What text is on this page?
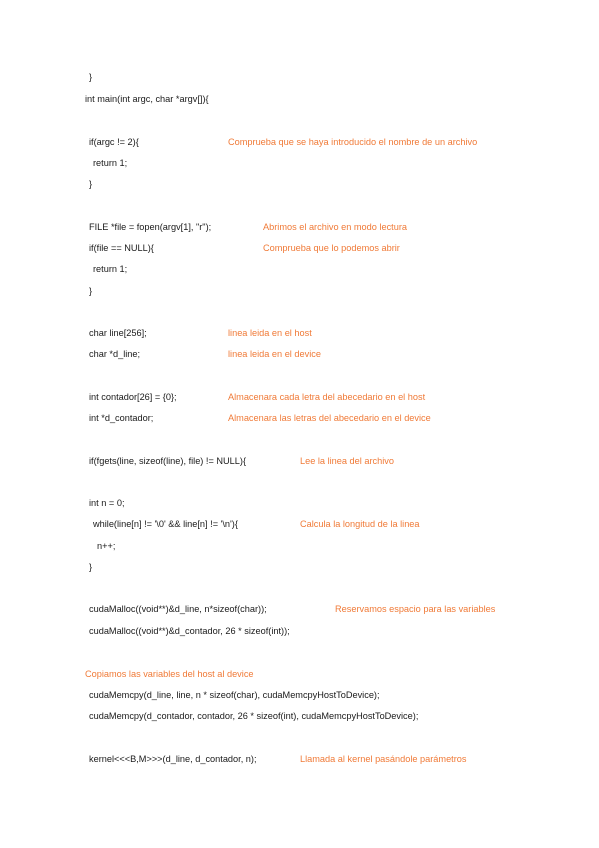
}
int main(int argc, char *argv[]){
if(argc != 2){	Comprueba que se haya introducido el nombre de un archivo
return 1;
}
FILE *file = fopen(argv[1], "r");	Abrimos el archivo en modo lectura
if(file == NULL){	Comprueba que lo podemos abrir
return 1;
}
char line[256];	linea leida en el host
char *d_line;	linea leida en el device
int contador[26] = {0};	Almacenara cada letra del abecedario en el host
int *d_contador;	Almacenara las letras del abecedario en el device
if(fgets(line, sizeof(line), file) != NULL){	Lee la linea del archivo
int n = 0;
while(line[n] != '\0' && line[n] != '\n'){	Calcula la longitud de la linea
n++;
}
cudaMalloc((void**)&d_line, n*sizeof(char));	Reservamos espacio para las variables
cudaMalloc((void**)&d_contador, 26 * sizeof(int));
Copiamos las variables del host al device
cudaMemcpy(d_line, line, n * sizeof(char), cudaMemcpyHostToDevice);
cudaMemcpy(d_contador, contador, 26 * sizeof(int), cudaMemcpyHostToDevice);
kernel<<<B,M>>>(d_line, d_contador, n);	Llamada al kernel pasándole parámetros
